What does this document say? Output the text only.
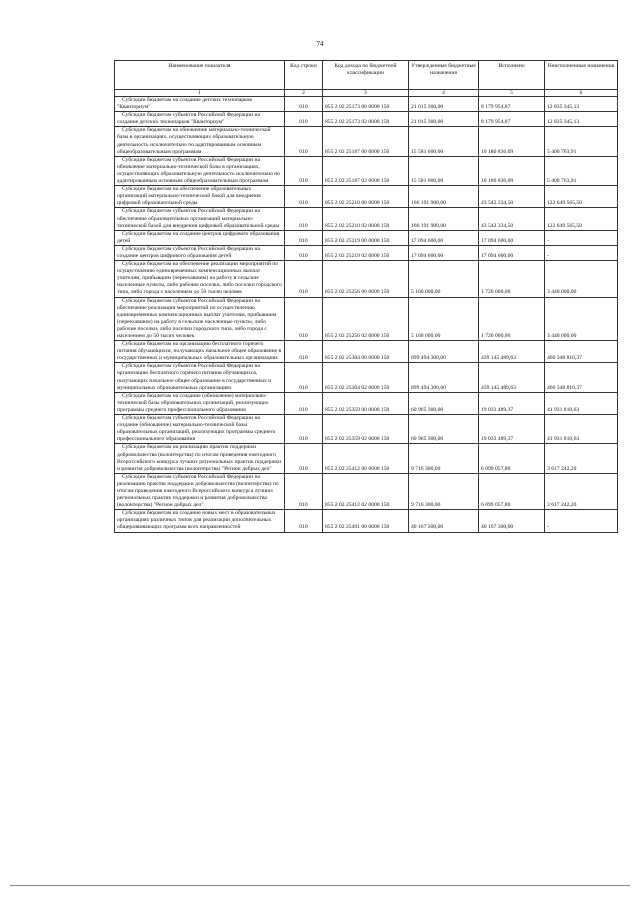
74
Наименование показателя	Код строки	Код дохода по бюджетной классификации	Утвержденные бюджетные назначения	Исполнено	Неисполненные назначения
1	2	3	4	5	6
Субсидии бюджетам на создание детских технопарков "Кванториум"	010	855 2 02 25173 00 0000 150	21 015 300,00	8 179 954,87	12 835 345,13
Субсидии бюджетам субъектов Российской Федерации на создание детских технопарков "Кванториум"	010	855 2 02 25173 02 0000 150	21 015 300,00	8 179 954,87	12 835 345,13
Субсидии бюджетам на обновление материально-технической базы в организациях, осуществляющих образовательную деятельность исключительно по адаптированным основным общеобразовательным программам	010	855 2 02 25187 00 0000 150	15 581 600,00	10 180 836,09	5 400 763,91
Субсидии бюджетам субъектов Российской Федерации на обновление материально-технической базы в организациях, осуществляющих образовательную деятельность исключительно по адаптированным основным общеобразовательным программам	010	855 2 02 25187 02 0000 150	15 581 600,00	10 180 836,09	5 400 763,91
Субсидии бюджетам на обеспечение образовательных организаций материально-технической базой для внедрения цифровой образовательной среды	010	855 2 02 25210 00 0000 150	166 191 900,00	43 542 334,50	122 649 565,50
Субсидии бюджетам субъектов Российской Федерации на обеспечение образовательных организаций материально-технической базой для внедрения цифровой образовательной среды	010	855 2 02 25210 02 0000 150	166 191 900,00	43 542 334,50	122 649 565,50
Субсидии бюджетам на создание центров цифрового образования детей	010	855 2 02 25219 00 0000 150	17 094 600,00	17 094 600,00	-
Субсидии бюджетам субъектов Российской Федерации на создание центров цифрового образования детей	010	855 2 02 25219 02 0000 150	17 094 600,00	17 094 600,00	-
Субсидии бюджетам на обеспечение реализации мероприятий по осуществлению единовременных компенсационных выплат учителям, прибывшим (переехавшим) на работу в сельские населенные пункты, либо рабочие поселки, либо поселки городского типа, либо города с населением до 50 тысяч человек	010	855 2 02 25256 00 0000 150	5 160 000,00	1 720 000,00	3 440 000,00
Субсидии бюджетам субъектов Российской Федерации на обеспечение реализации мероприятий по осуществлению единовременных компенсационных выплат учителям, прибывшим (переехавшим) на работу в сельские населенные пункты, либо рабочие поселки, либо поселки городского типа, либо города с населением до 50 тысяч человек	010	855 2 02 25256 02 0000 150	5 160 000,00	1 720 000,00	3 440 000,00
Субсидии бюджетам на организацию бесплатного горячего питания обучающихся, получающих начальное общее образование в государственных и муниципальных образовательных организациях	010	855 2 02 25304 00 0000 150	899 494 300,00	439 145 489,63	460 348 810,37
Субсидии бюджетам субъектов Российской Федерации на организацию бесплатного горячего питания обучающихся, получающих начальное общее образование в государственных и муниципальных образовательных организациях	010	855 2 02 25304 02 0000 150	899 494 300,00	439 145 489,63	460 348 810,37
Субсидии бюджетам на создание (обновление) материально-технической базы образовательных организаций, реализующих программы среднего профессионального образования	010	855 2 02 25359 00 0000 150	60 965 300,00	19 033 489,37	41 931 810,63
Субсидии бюджетам субъектов Российской Федерации на создание (обновление) материально-технической базы образовательных организаций, реализующих программы среднего профессионального образования	010	855 2 02 25359 02 0000 150	60 965 300,00	19 033 489,37	41 931 810,63
Субсидии бюджетам на реализацию практик поддержки добровольчества (волонтерства) по итогам проведения ежегодного Всероссийского конкурса лучших региональных практик поддержки и развития добровольчества (волонтерства) "Регион добрых дел"	010	855 2 02 25412 00 0000 150	9 716 300,00	6 099 057,80	3 617 242,20
Субсидии бюджетам субъектов Российской Федерации на реализацию практик поддержки добровольчества (волонтерства) по итогам проведения ежегодного Всероссийского конкурса лучших региональных практик поддержки и развития добровольчества (волонтерства) "Регион добрых дел"	010	855 2 02 25412 02 0000 150	9 716 300,00	6 099 057,80	3 617 242,20
Субсидии бюджетам на создание новых мест в образовательных организациях различных типов для реализации дополнительных общеразвивающих программ всех направленностей	010	855 2 02 25491 00 0000 150	40 167 300,00	40 167 300,00	-
